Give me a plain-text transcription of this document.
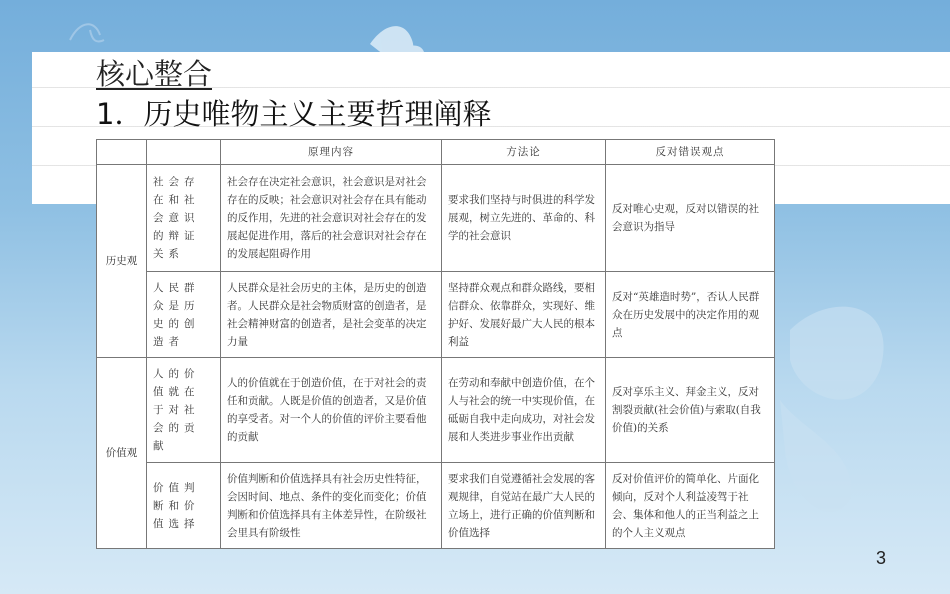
核心整合
1．历史唯物主义主要哲理阐释
		原理内容	方法论	反对错误观点
历史观	社会存在和社会意识的辩证关系	社会存在决定社会意识，社会意识是对社会存在的反映；社会意识对社会存在具有能动的反作用，先进的社会意识对社会存在的发展起促进作用，落后的社会意识对社会存在的发展起阻碍作用	要求我们坚持与时俱进的科学发展观，树立先进的、革命的、科学的社会意识	反对唯心史观，反对以错误的社会意识为指导
	人民群众是历史的创造者	人民群众是社会历史的主体，是历史的创造者。人民群众是社会物质财富的创造者，是社会精神财富的创造者，是社会变革的决定力量	坚持群众观点和群众路线，要相信群众、依靠群众，实现好、维护好、发展好最广大人民的根本利益	反对“英雄造时势”，否认人民群众在历史发展中的决定作用的观点
价值观	人的价值就在于对社会的贡献	人的价值就在于创造价值，在于对社会的责任和贡献。人既是价值的创造者，又是价值的享受者。对一个人的价值的评价主要看他的贡献	在劳动和奉献中创造价值，在个人与社会的统一中实现价值，在砥砺自我中走向成功，对社会发展和人类进步事业作出贡献	反对享乐主义、拜金主义，反对割裂贡献(社会价值)与索取(自我价值)的关系
	价值判断和价值选择	价值判断和价值选择具有社会历史性特征，会因时间、地点、条件的变化而变化；价值判断和价值选择具有主体差异性，在阶级社会里具有阶级性	要求我们自觉遵循社会发展的客观规律，自觉站在最广大人民的立场上，进行正确的价值判断和价值选择	反对价值评价的简单化、片面化倾向，反对个人利益凌驾于社会、集体和他人的正当利益之上的个人主义观点
3
